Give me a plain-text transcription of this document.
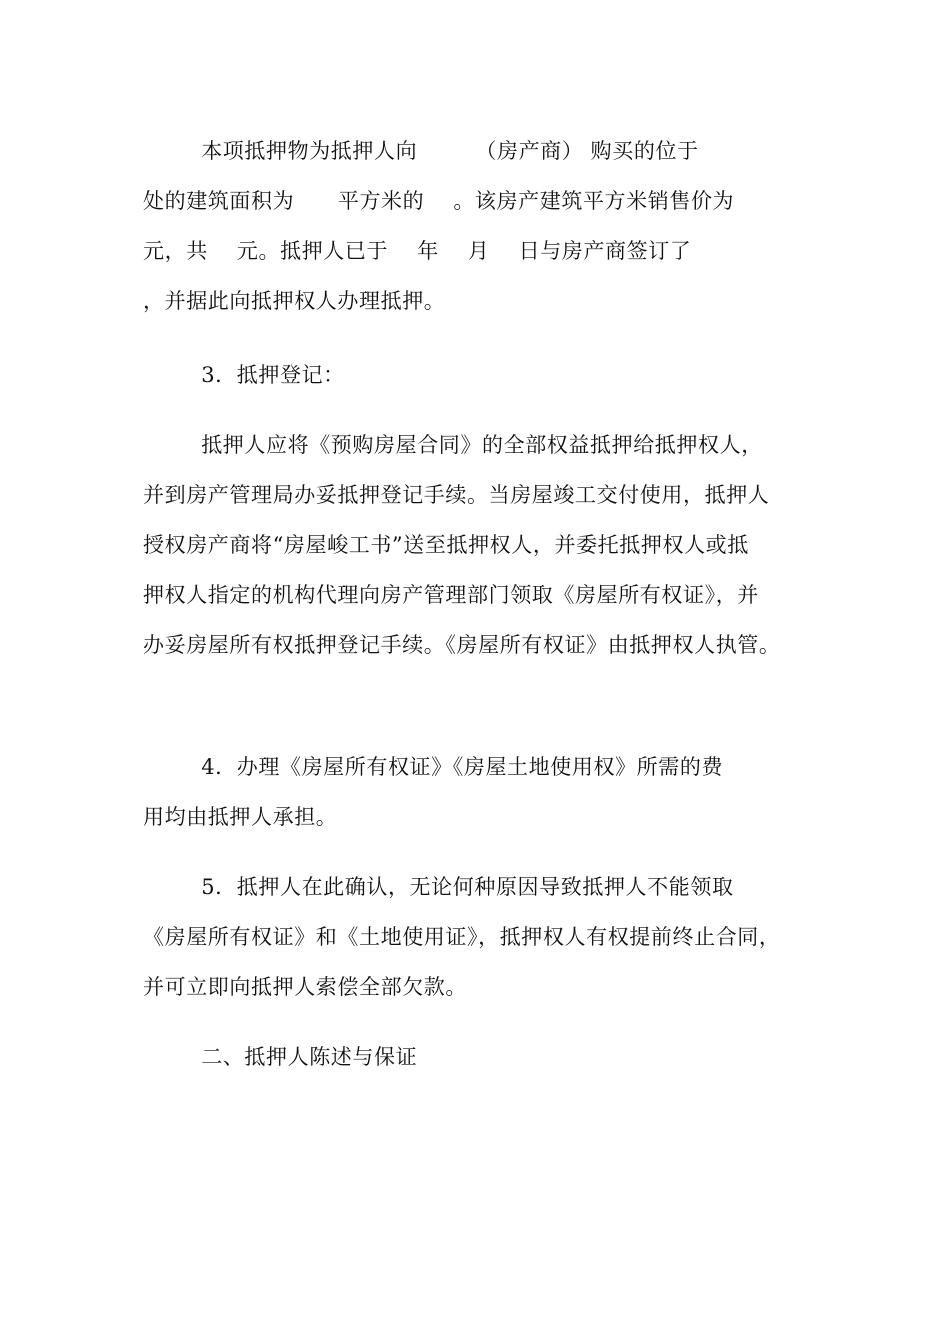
本项抵押物为抵押人向        （房产商） 购买的位于
处的建筑面积为      平方米的    。该房产建筑平方米销售价为
元，共    元。抵押人已于    年    月    日与房产商签订了
，并据此向抵押权人办理抵押。
3．抵押登记：
抵押人应将《预购房屋合同》的全部权益抵押给抵押权人，
并到房产管理局办妥抵押登记手续。当房屋竣工交付使用，抵押人
授权房产商将“房屋峻工书”送至抵押权人，并委托抵押权人或抵
押权人指定的机构代理向房产管理部门领取《房屋所有权证》，并
办妥房屋所有权抵押登记手续。《房屋所有权证》由抵押权人执管。
4．办理《房屋所有权证》《房屋土地使用权》所需的费
用均由抵押人承担。
5．抵押人在此确认，无论何种原因导致抵押人不能领取
《房屋所有权证》和《土地使用证》，抵押权人有权提前终止合同，
并可立即向抵押人索偿全部欠款。
二、抵押人陈述与保证
